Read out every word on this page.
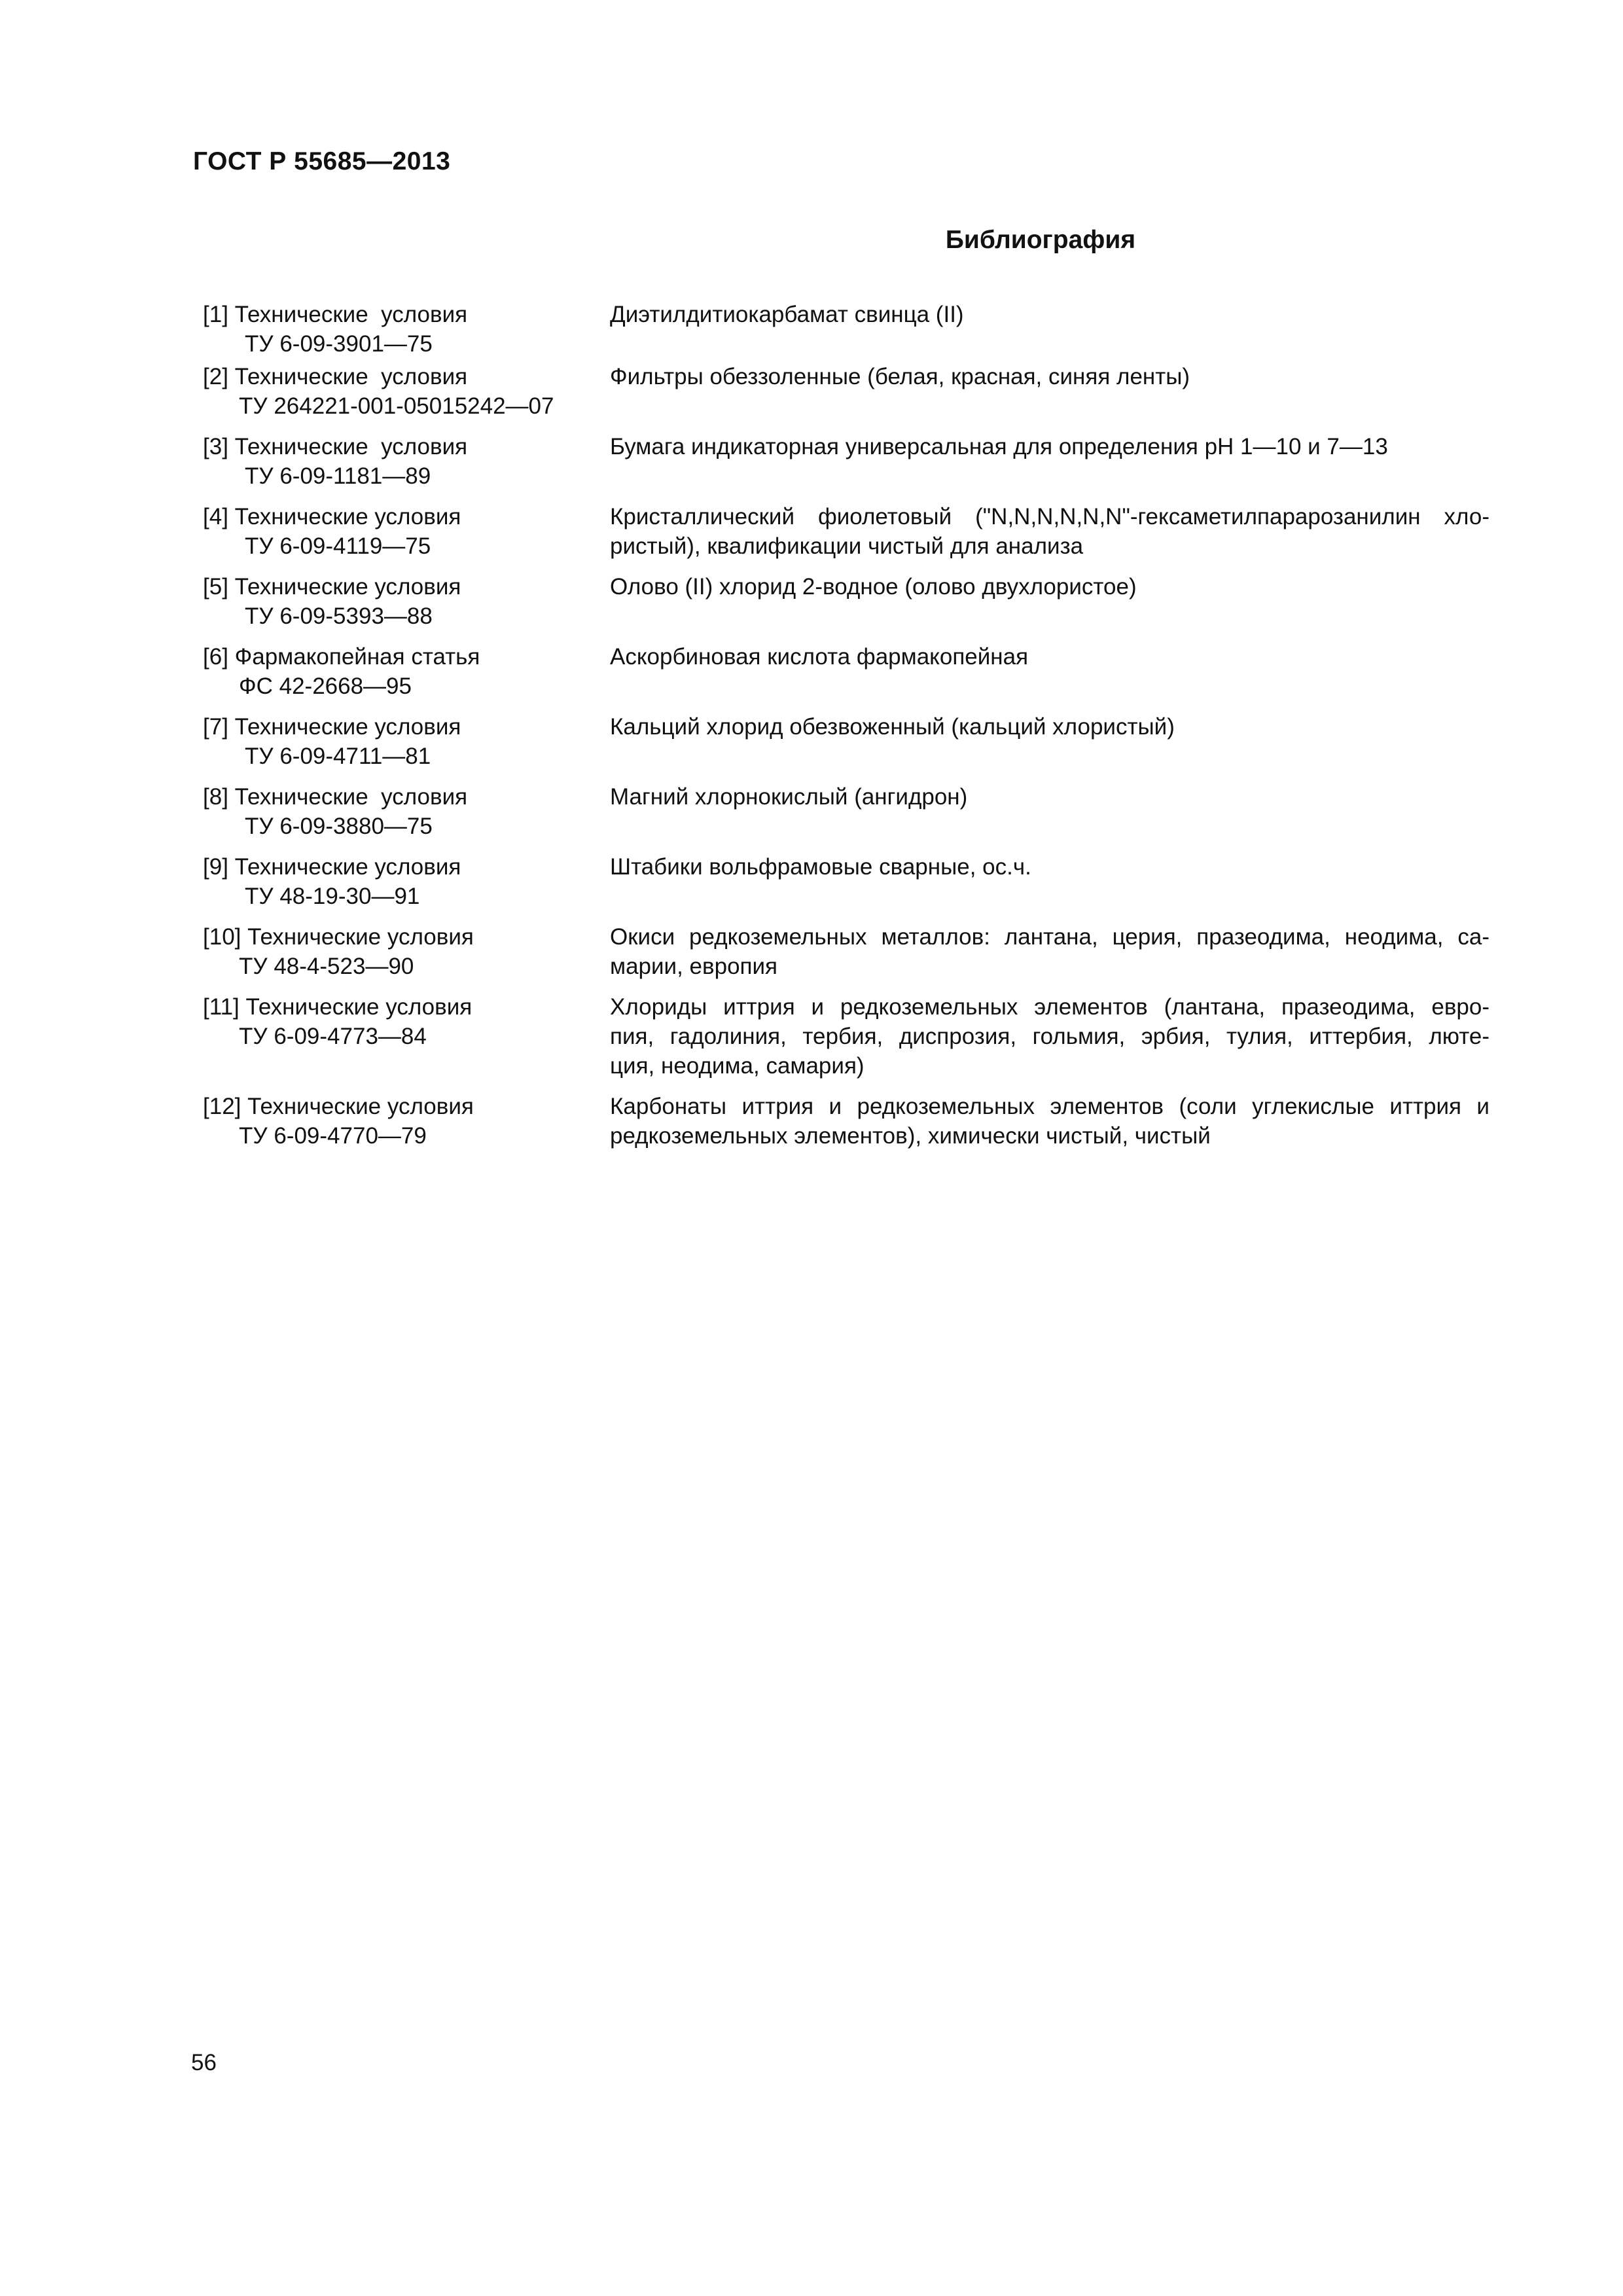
ГОСТ Р 55685—2013
Библиография
[1] Технические  условия
ТУ 6-09-3901—75
Диэтилдитиокарбамат свинца (II)
[2] Технические  условия
ТУ 264221-001-05015242—07
Фильтры обеззоленные (белая, красная, синяя ленты)
[3] Технические  условия
ТУ 6-09-1181—89
Бумага индикаторная универсальная для определения pH 1—10 и 7—13
[4] Технические условия
ТУ 6-09-4119—75
Кристаллический фиолетовый ("N,N,N,N,N,N"-гексаметилпарарозанилин хло-
ристый), квалификации чистый для анализа
[5] Технические условия
ТУ 6-09-5393—88
Олово (II) хлорид 2-водное (олово двухлористое)
[6] Фармакопейная статья
ФС 42-2668—95
Аскорбиновая кислота фармакопейная
[7] Технические условия
ТУ 6-09-4711—81
Кальций хлорид обезвоженный (кальций хлористый)
[8] Технические  условия
ТУ 6-09-3880—75
Магний хлорнокислый (ангидрон)
[9] Технические условия
ТУ 48-19-30—91
Штабики вольфрамовые сварные, ос.ч.
[10] Технические условия
ТУ 48-4-523—90
Окиси редкоземельных металлов: лантана, церия, празеодима, неодима, са-
марии, европия
[11] Технические условия
ТУ 6-09-4773—84
Хлориды иттрия и редкоземельных элементов (лантана, празеодима, евро-
пия, гадолиния, тербия, диспрозия, гольмия, эрбия, тулия, иттербия, люте-
ция, неодима, самария)
[12] Технические условия
ТУ 6-09-4770—79
Карбонаты иттрия и редкоземельных элементов (соли углекислые иттрия и
редкоземельных элементов), химически чистый, чистый
56
